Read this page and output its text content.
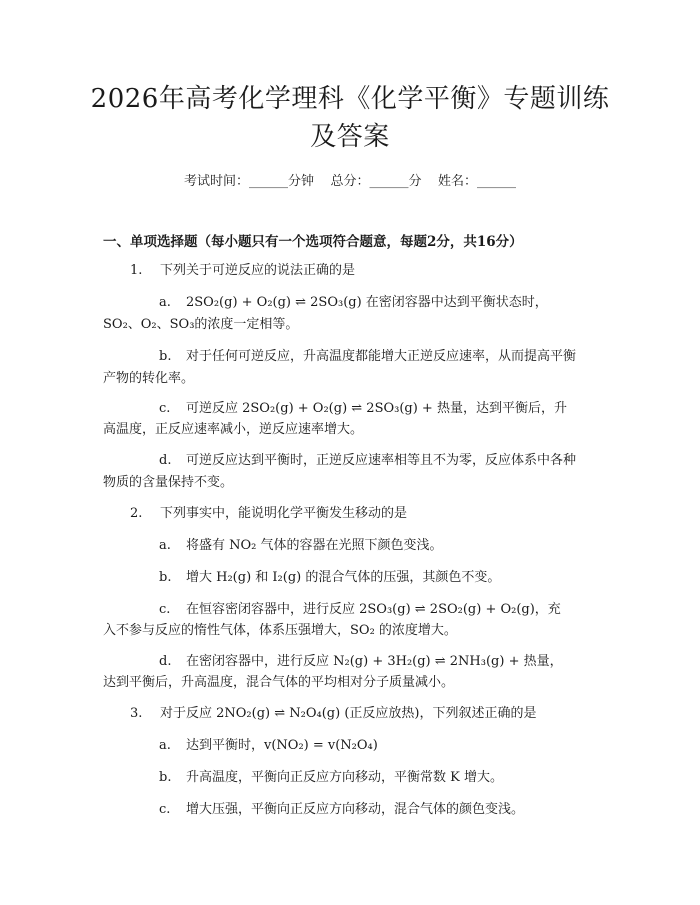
2026年高考化学理科《化学平衡》专题训练
及答案
考试时间：______分钟    总分：______分    姓名：______
一、单项选择题（每小题只有一个选项符合题意，每题2分，共16分）
1. 下列关于可逆反应的说法正确的是
a. 2SO₂(g) + O₂(g) ⇌ 2SO₃(g) 在密闭容器中达到平衡状态时，
SO₂、O₂、SO₃的浓度一定相等。
b. 对于任何可逆反应，升高温度都能增大正逆反应速率，从而提高平衡
产物的转化率。
c. 可逆反应 2SO₂(g) + O₂(g) ⇌ 2SO₃(g) + 热量，达到平衡后，升
高温度，正反应速率减小，逆反应速率增大。
d. 可逆反应达到平衡时，正逆反应速率相等且不为零，反应体系中各种
物质的含量保持不变。
2. 下列事实中，能说明化学平衡发生移动的是
a. 将盛有 NO₂ 气体的容器在光照下颜色变浅。
b. 增大 H₂(g) 和 I₂(g) 的混合气体的压强，其颜色不变。
c. 在恒容密闭容器中，进行反应 2SO₃(g) ⇌ 2SO₂(g) + O₂(g)，充
入不参与反应的惰性气体，体系压强增大，SO₂ 的浓度增大。
d. 在密闭容器中，进行反应 N₂(g) + 3H₂(g) ⇌ 2NH₃(g) + 热量，
达到平衡后，升高温度，混合气体的平均相对分子质量减小。
3. 对于反应 2NO₂(g) ⇌ N₂O₄(g) (正反应放热)，下列叙述正确的是
a. 达到平衡时，v(NO₂) = v(N₂O₄)
b. 升高温度，平衡向正反应方向移动，平衡常数 K 增大。
c. 增大压强，平衡向正反应方向移动，混合气体的颜色变浅。
